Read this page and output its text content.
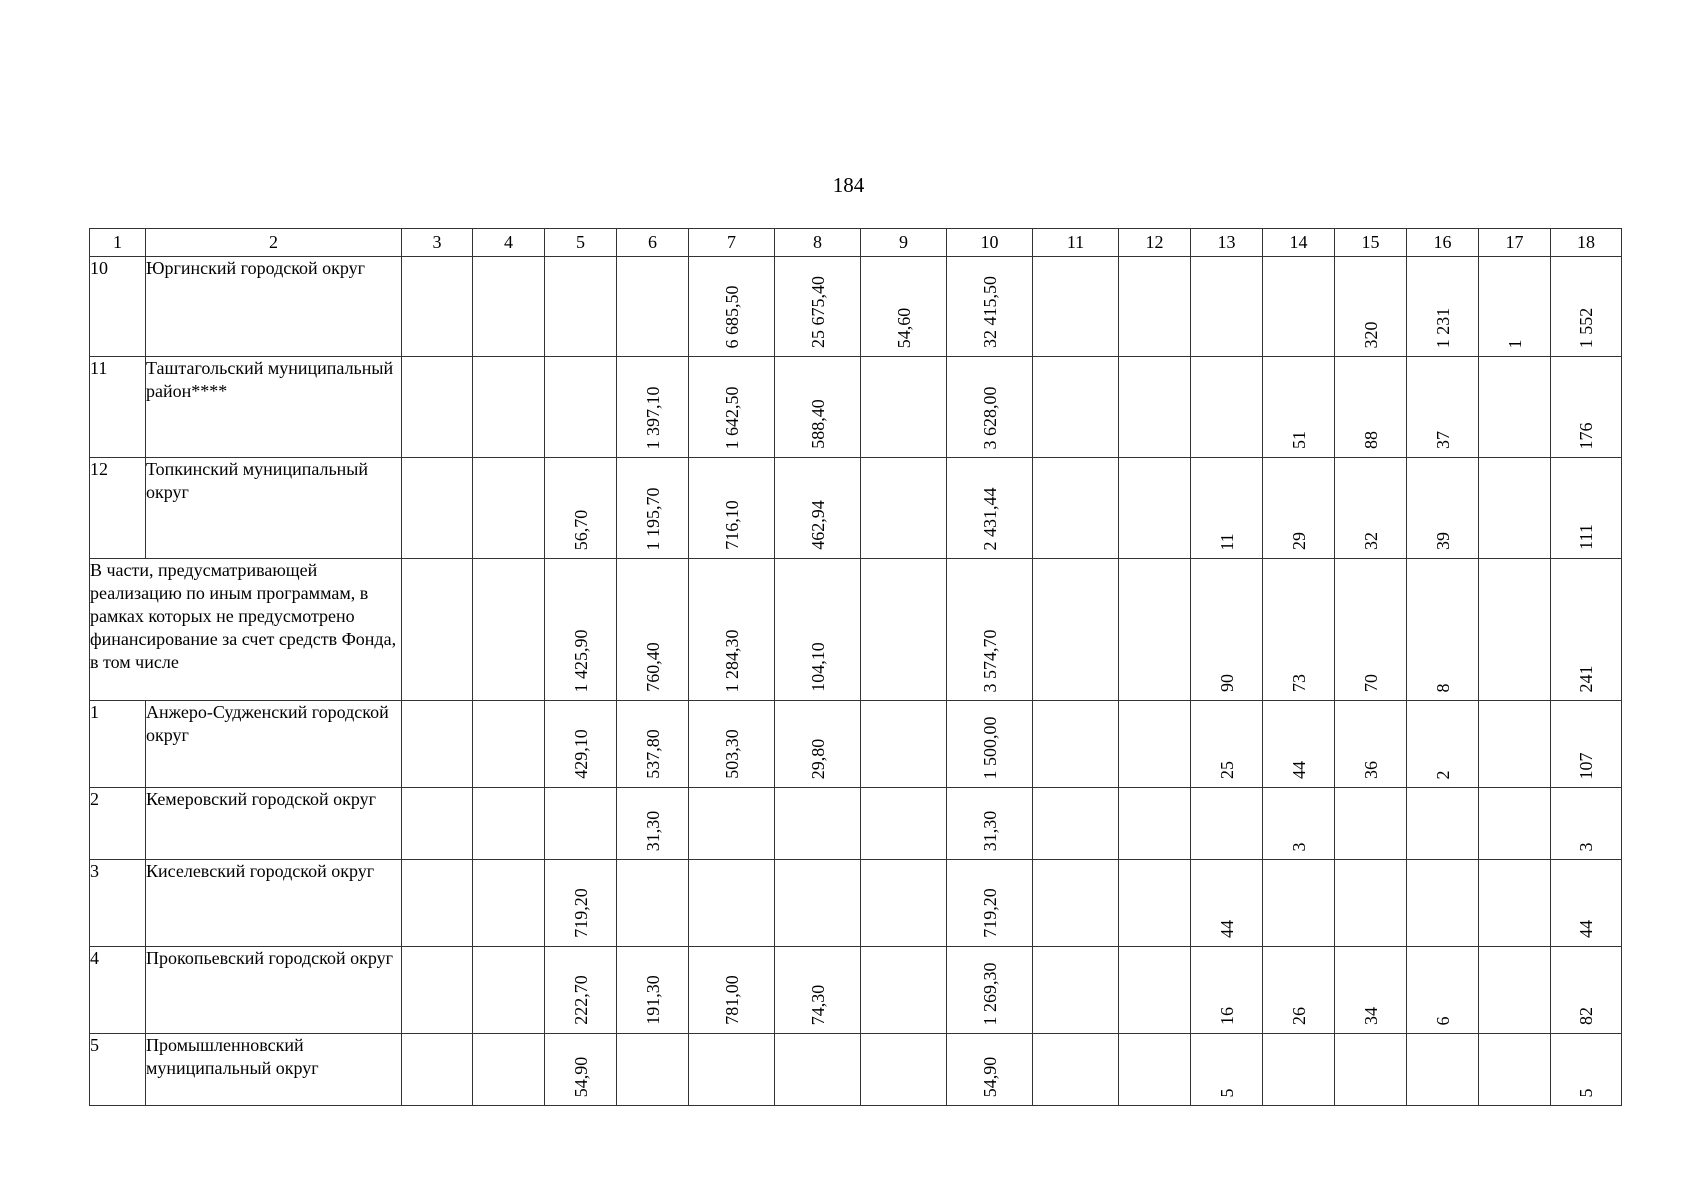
184
1	2	3	4	5	6	7	8	9	10	11	12	13	14	15	16	17	18
10	Юргинский городской округ					6 685,50	25 675,40	54,60	32 415,50					320	1 231	1	1 552

11	Таштагольский муниципальный район****				1 397,10	1 642,50	588,40		3 628,00				51	88	37		176

12	Топкинский муниципальный округ			56,70	1 195,70	716,10	462,94		2 431,44			11	29	32	39		111

В части, предусматривающей реализацию по иным программам, в рамках которых не предусмотрено финансирование за счет средств Фонда, в том числе				1 425,90	760,40	1 284,30	104,10		3 574,70			90	73	70	8		241

1	Анжеро-Судженский городской округ			429,10	537,80	503,30	29,80		1 500,00			25	44	36	2		107

2	Кемеровский городской округ				31,30				31,30				3				3

3	Киселевский городской округ			719,20					719,20			44					44

4	Прокопьевский городской округ			222,70	191,30	781,00	74,30		1 269,30			16	26	34	6		82

5	Промышленновский муниципальный округ			54,90					54,90			5					5
